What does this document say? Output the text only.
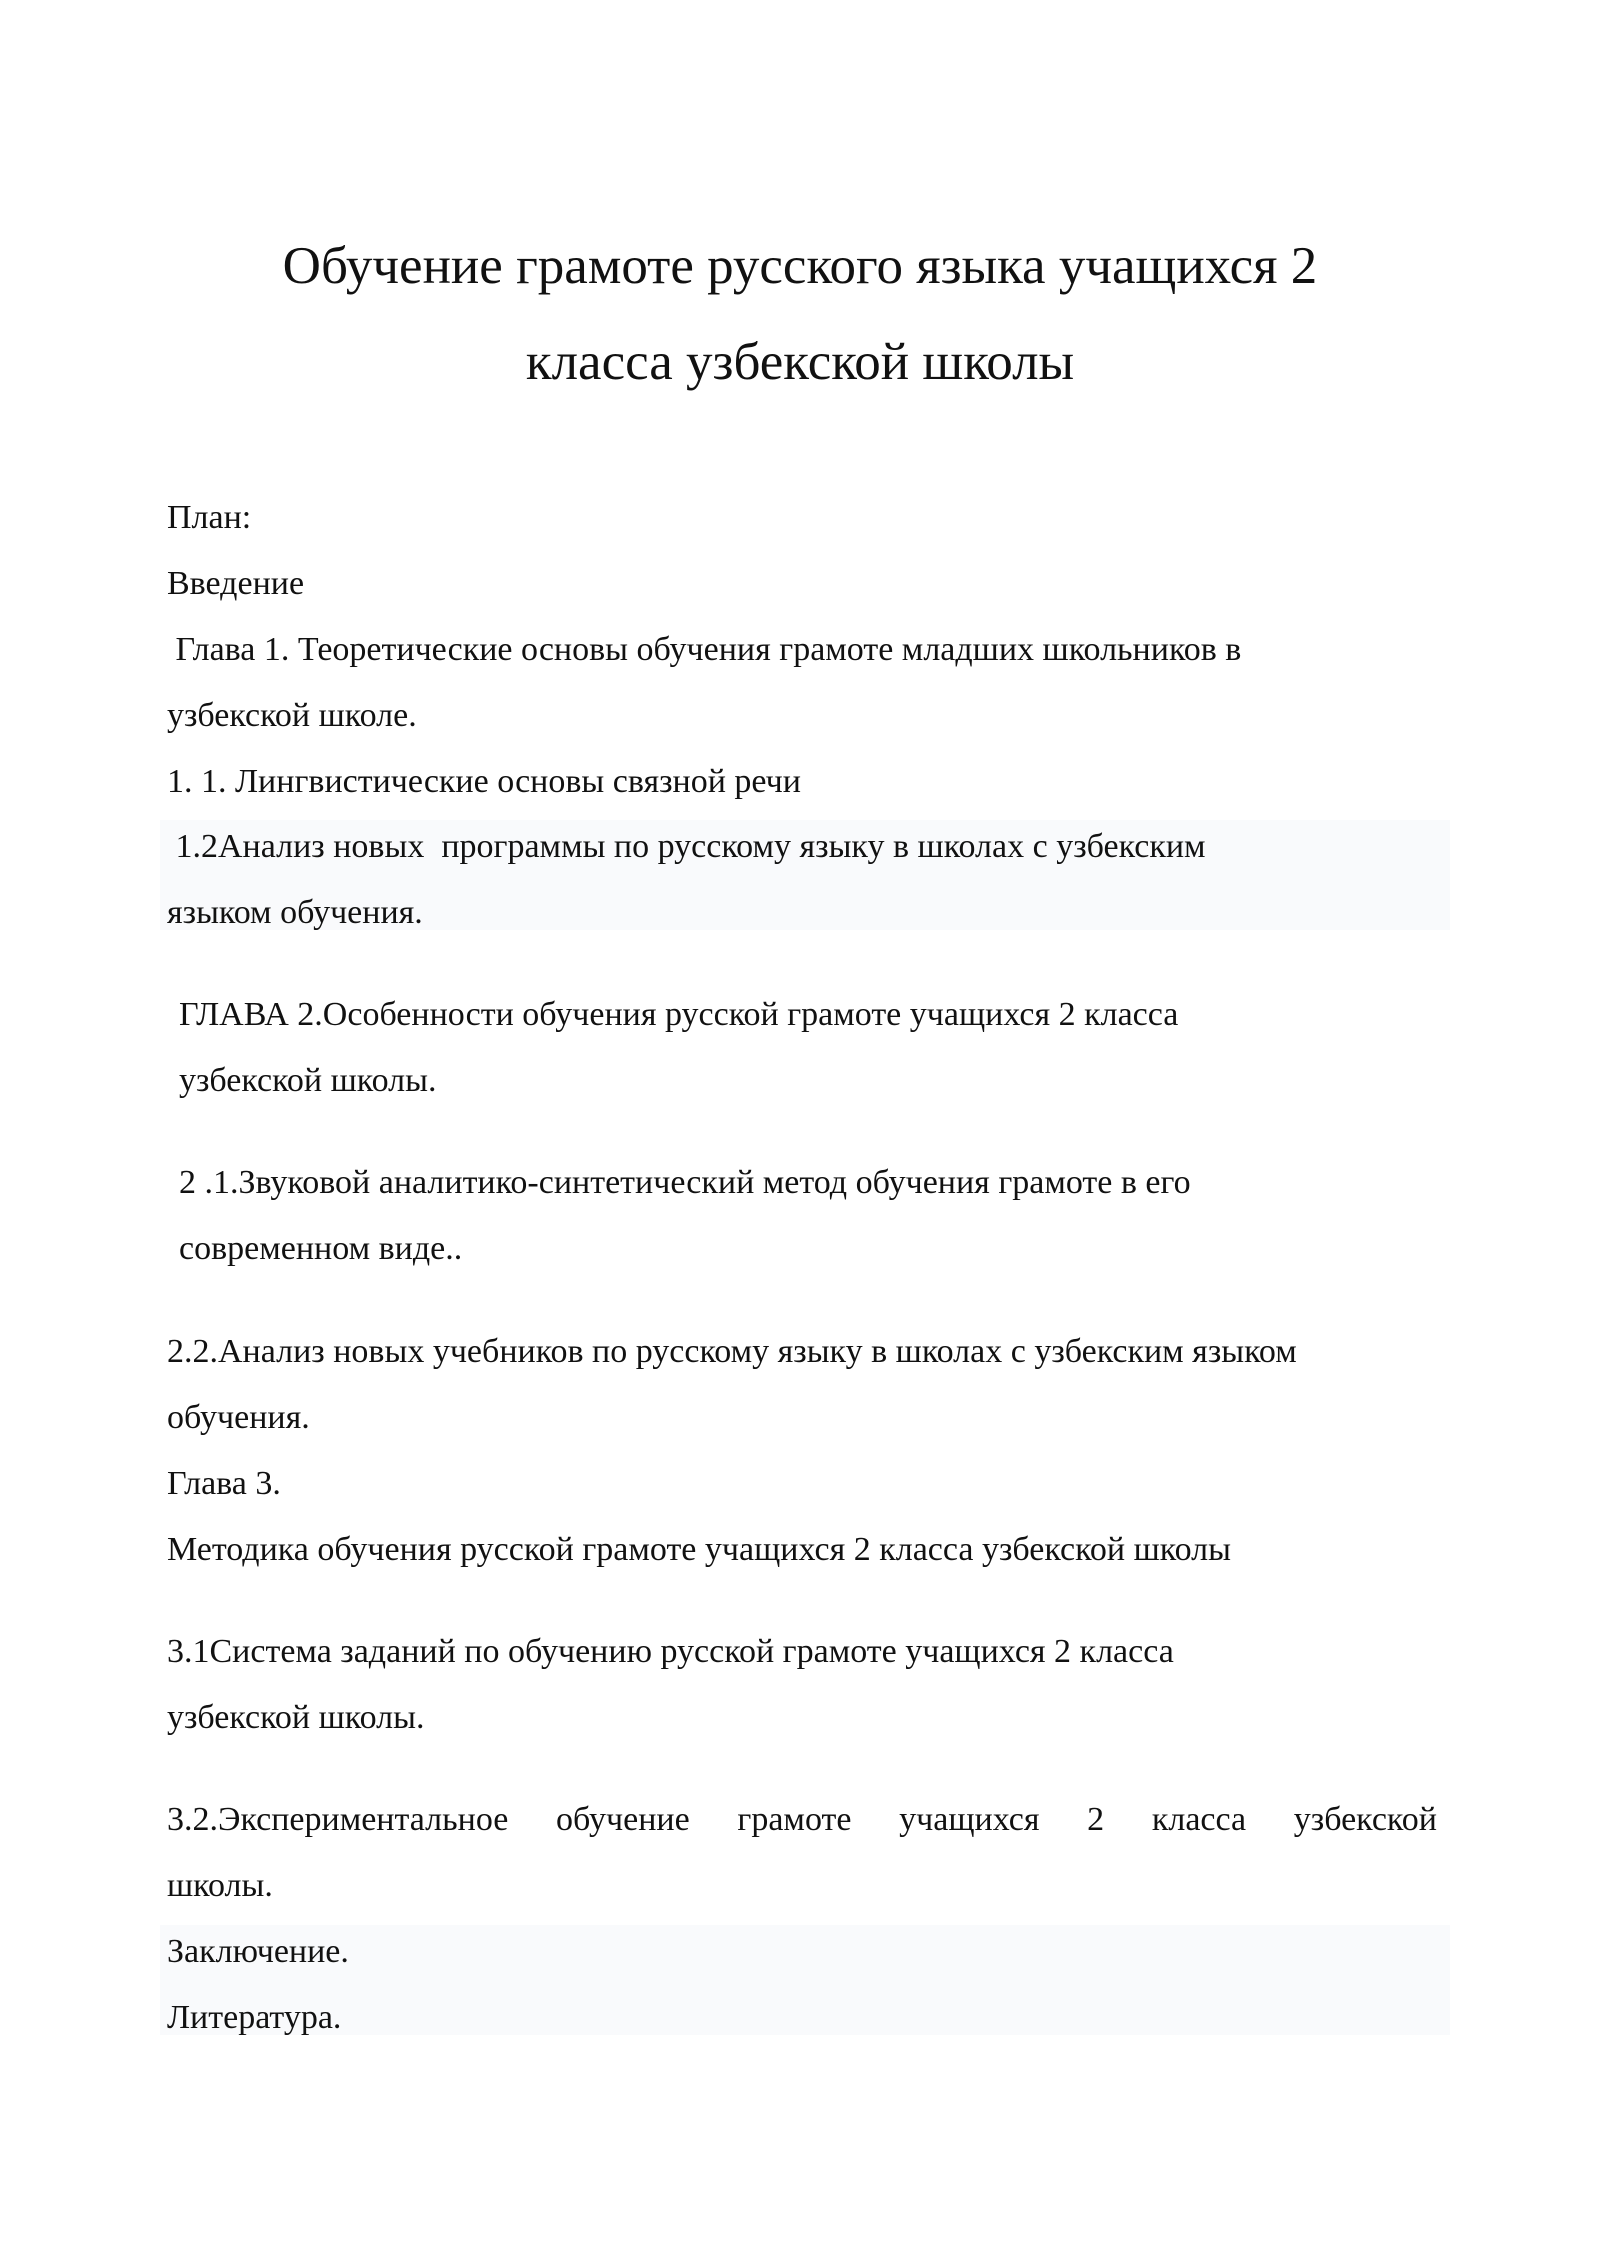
Обучение грамоте русского языка учащихся 2
класса узбекской школы
План:
Введение
Глава 1. Теоретические основы обучения грамоте младших школьников в
узбекской школе.
1. 1. Лингвистические основы связной речи
1.2Анализ новых  программы по русскому языку в школах с узбекским
языком обучения.
ГЛАВА 2.Особенности обучения русской грамоте учащихся 2 класса
узбекской школы.
2 .1.Звуковой аналитико-синтетический метод обучения грамоте в его
современном виде..
2.2.Анализ новых учебников по русскому языку в школах с узбекским языком
обучения.
Глава 3.
Методика обучения русской грамоте учащихся 2 класса узбекской школы
3.1Система заданий по обучению русской грамоте учащихся 2 класса
узбекской школы.
3.2.Экспериментальное обучение грамоте учащихся 2 класса узбекской
школы.
Заключение.
Литература.
